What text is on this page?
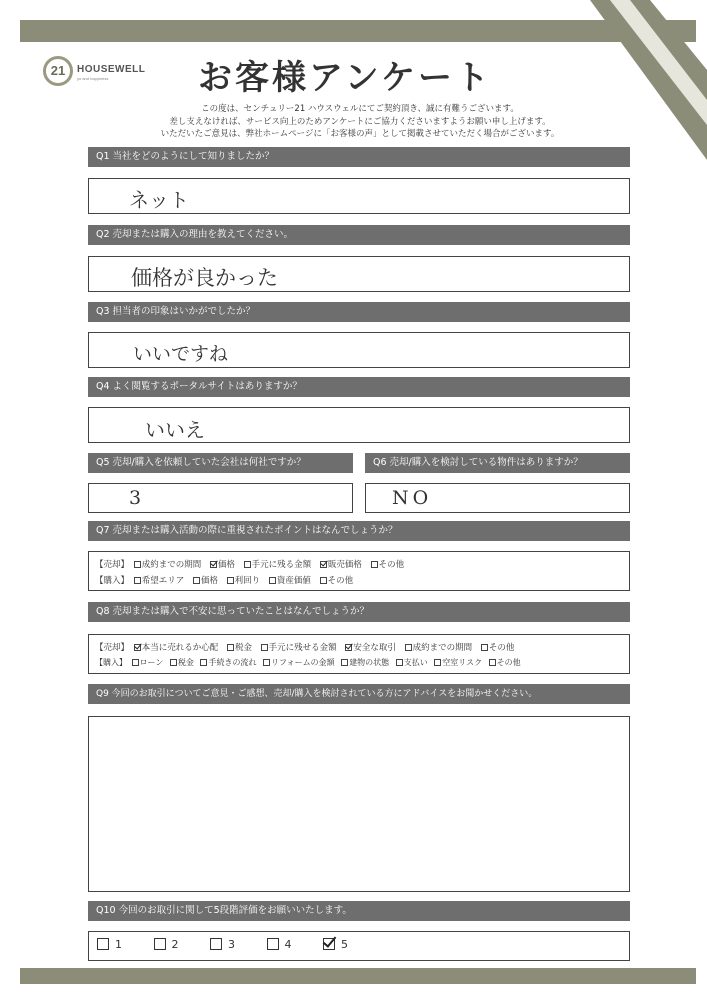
21	HOUSEWELL
yo and happiness	お客様アンケート
この度は、センチュリー21 ハウスウェルにてご契約頂き、誠に有難うございます。
差し支えなければ、サービス向上のためアンケートにご協力くださいますようお願い申し上げます。
いただいたご意見は、弊社ホームページに「お客様の声」として掲載させていただく場合がございます。
Q1 当社をどのようにして知りましたか？
ネット
Q2 売却または購入の理由を教えてください。
価格が良かった
Q3 担当者の印象はいかがでしたか？
いいですね
Q4 よく閲覧するポータルサイトはありますか？
いいえ
Q5 売却/購入を依頼していた会社は何社ですか？	Q6 売却/購入を検討している物件はありますか？
3	NO
Q7 売却または購入活動の際に重視されたポイントはなんでしょうか？
【売却】 成約までの期間 価格 手元に残る金額 販売価格 その他
【購入】 希望エリア 価格 利回り 資産価値 その他
Q8 売却または購入で不安に思っていたことはなんでしょうか？
【売却】 本当に売れるか心配 税金 手元に残せる金額 安全な取引 成約までの期間 その他
【購入】 ローン 税金 手続きの流れ リフォームの金額 建物の状態 支払い 空室リスク その他
Q9 今回のお取引についてご意見・ご感想、売却/購入を検討されている方にアドバイスをお聞かせください。
Q10 今回のお取引に関して5段階評価をお願いいたします。
1	2	3	4	5
